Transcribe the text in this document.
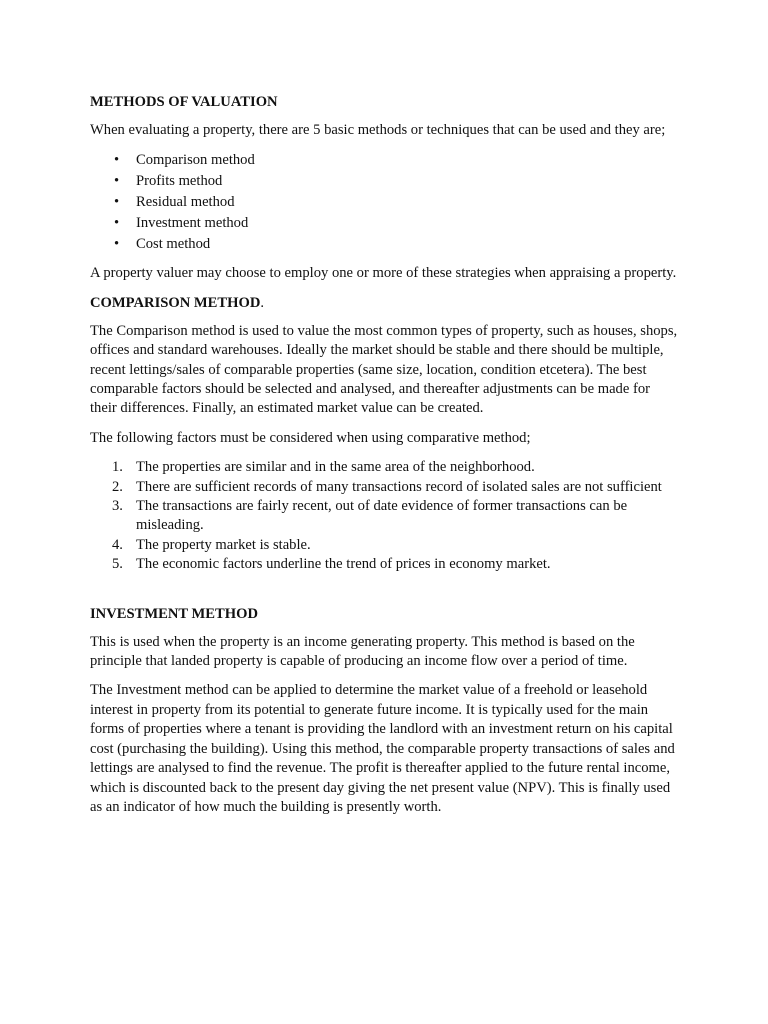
METHODS OF VALUATION

When evaluating a property, there are 5 basic methods or techniques that can be used and they are;

• Comparison method
• Profits method
• Residual method
• Investment method
• Cost method

A property valuer may choose to employ one or more of these strategies when appraising a property.

COMPARISON METHOD.

The Comparison method is used to value the most common types of property, such as houses, shops, offices and standard warehouses. Ideally the market should be stable and there should be multiple, recent lettings/sales of comparable properties (same size, location, condition etcetera). The best comparable factors should be selected and analysed, and thereafter adjustments can be made for their differences. Finally, an estimated market value can be created.

The following factors must be considered when using comparative method;

1. The properties are similar and in the same area of the neighborhood.
2. There are sufficient records of many transactions record of isolated sales are not sufficient
3. The transactions are fairly recent, out of date evidence of former transactions can be misleading.
4. The property market is stable.
5. The economic factors underline the trend of prices in economy market.
INVESTMENT METHOD

This is used when the property is an income generating property. This method is based on the principle that landed property is capable of producing an income flow over a period of time.

The Investment method can be applied to determine the market value of a freehold or leasehold interest in property from its potential to generate future income. It is typically used for the main forms of properties where a tenant is providing the landlord with an investment return on his capital cost (purchasing the building). Using this method, the comparable property transactions of sales and lettings are analysed to find the revenue. The profit is thereafter applied to the future rental income, which is discounted back to the present day giving the net present value (NPV). This is finally used as an indicator of how much the building is presently worth.
